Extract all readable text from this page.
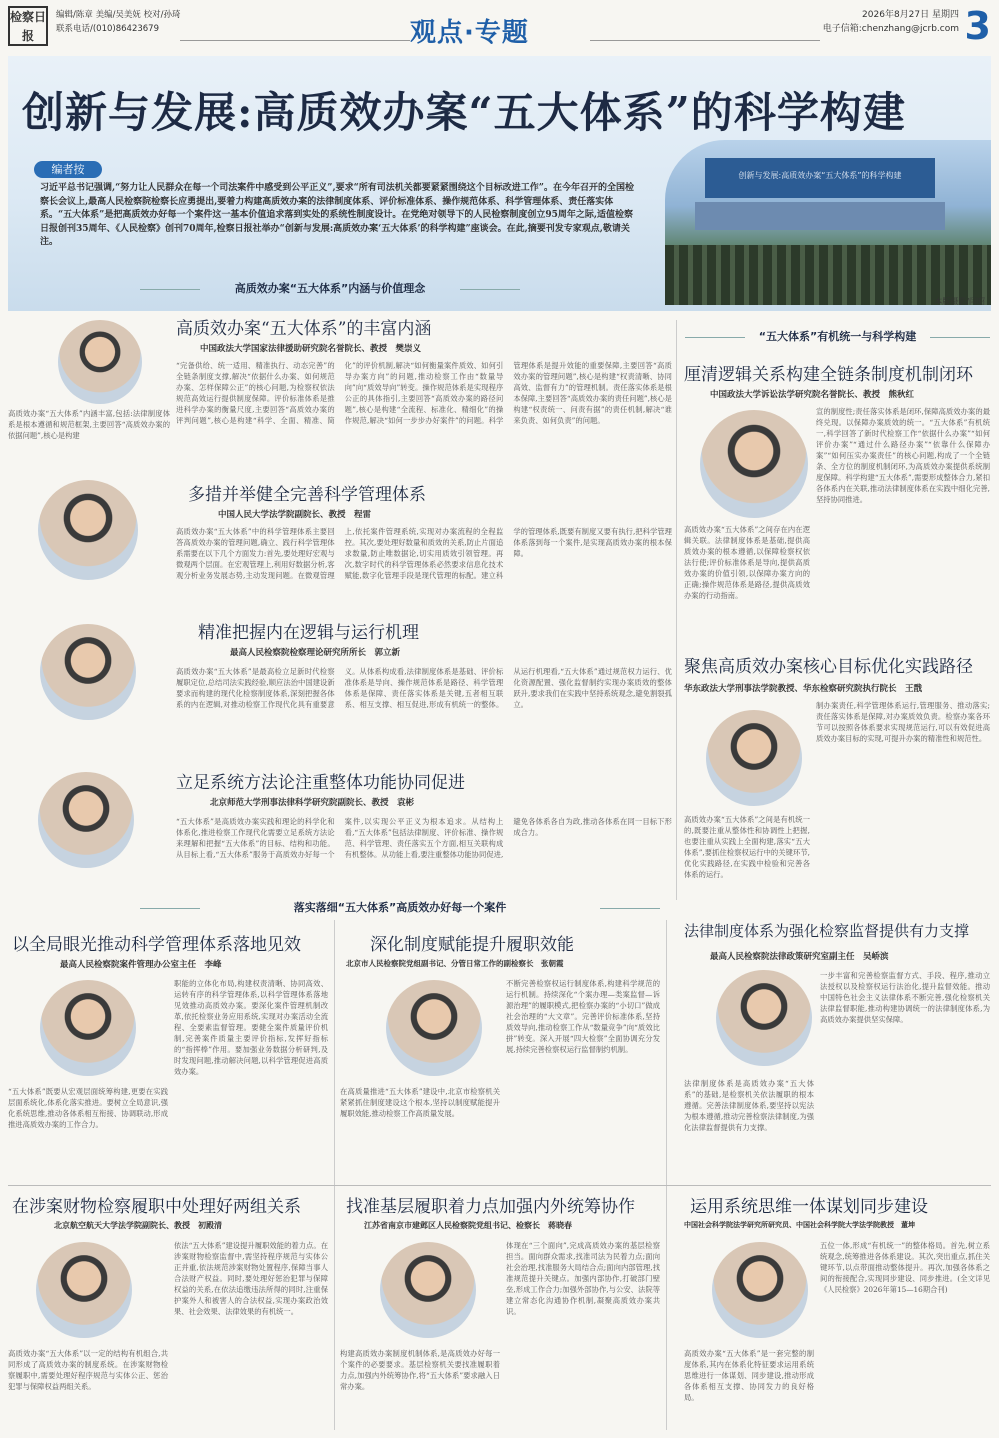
检察日报
编辑/陈章 美编/吴美妩 校对/孙琦
联系电话/(010)86423679	观点·专题
2026年8月27日 星期四
电子信箱:chenzhang@jcrb.com 3
创新与发展:高质效办案“五大体系”的科学构建
编者按
习近平总书记强调,“努力让人民群众在每一个司法案件中感受到公平正义”,要求“所有司法机关都要紧紧围绕这个目标改进工作”。在今年召开的全国检察长会议上,最高人民检察院检察长应勇提出,要着力构建高质效办案的法律制度体系、评价标准体系、操作规范体系、科学管理体系、责任落实体系。“五大体系”是把高质效办好每一个案件这一基本价值追求落到实处的系统性制度设计。在党绝对领导下的人民检察制度创立95周年之际,适值检察日报创刊35周年、《人民检察》创刊70周年,检察日报社举办“创新与发展:高质效办案‘五大体系’的科学构建”座谈会。在此,摘要刊发专家观点,敬请关注。
创新与发展:高质效办案“五大体系”的科学构建
本版摄影/闫昭
高质效办案“五大体系”内涵与价值理念
“五大体系”有机统一与科学构建
落实落细“五大体系”高质效办好每一个案件
高质效办案“五大体系”的丰富内涵
中国政法大学国家法律援助研究院名誉院长、教授　樊崇义
高质效办案“五大体系”内涵丰富,包括:法律制度体系是根本遵循和规范框架,主要回答“高质效办案的依据问题”,核心是构建
“完备供给、统一适用、精准执行、动态完善”的全链条制度支撑,解决“依据什么办案、如何规范办案、怎样保障公正”的核心问题,为检察权依法规范高效运行提供制度保障。评价标准体系是推进科学办案的衡量尺度,主要回答“高质效办案的评判问题”,核心是构建“科学、全面、精准、简化”的评价机制,解决“如何衡量案件质效、如何引导办案方向”的问题,推动检察工作由“数量导向”向“质效导向”转变。操作规范体系是实现程序公正的具体指引,主要回答“高质效办案的路径问题”,核心是构建“全流程、标准化、精细化”的操作规范,解决“如何一步步办好案件”的问题。科学管理体系是提升效能的重要保障,主要回答“高质效办案的管理问题”,核心是构建“权责清晰、协同高效、监督有力”的管理机制。责任落实体系是根本保障,主要回答“高质效办案的责任问题”,核心是构建“权责统一、问责有据”的责任机制,解决“谁来负责、如何负责”的问题。
多措并举健全完善科学管理体系
中国人民大学法学院副院长、教授　程雷
高质效办案“五大体系”中的科学管理体系主要回答高质效办案的管理问题,确立、践行科学管理体系需要在以下几个方面发力:首先,要处理好宏观与微观两个层面。在宏观管理上,利用好数据分析,客观分析业务发展态势,主动发现问题。在微观管理上,依托案件管理系统,实现对办案流程的全程监控。其次,要处理好数量和质效的关系,防止片面追求数量,防止唯数据论,切实用质效引领管理。再次,数字时代的科学管理体系必然要求信息化技术赋能,数字化管理手段是现代管理的标配。建立科学的管理体系,既要有制度又要有执行,把科学管理体系落到每一个案件,是实现高质效办案的根本保障。
精准把握内在逻辑与运行机理
最高人民检察院检察理论研究所所长　郭立新
高质效办案“五大体系”是最高检立足新时代检察履职定位,总结司法实践经验,顺应法治中国建设新要求而构建的现代化检察制度体系,深刻把握各体系的内在逻辑,对推动检察工作现代化具有重要意义。从体系构成看,法律制度体系是基础、评价标准体系是导向、操作规范体系是路径、科学管理体系是保障、责任落实体系是关键,五者相互联系、相互支撑、相互促进,形成有机统一的整体。从运行机理看,“五大体系”通过规范权力运行、优化资源配置、强化监督制约实现办案质效的整体跃升,要求我们在实践中坚持系统观念,避免割裂孤立。
立足系统方法论注重整体功能协同促进
北京师范大学刑事法律科学研究院副院长、教授　袁彬
“五大体系”是高质效办案实践和理论的科学化和体系化,推进检察工作现代化需要立足系统方法论来理解和把握“五大体系”的目标、结构和功能。从目标上看,“五大体系”服务于高质效办好每一个案件,以实现公平正义为根本追求。从结构上看,“五大体系”包括法律制度、评价标准、操作规范、科学管理、责任落实五个方面,相互关联构成有机整体。从功能上看,要注重整体功能协同促进,避免各体系各自为政,推动各体系在同一目标下形成合力。
厘清逻辑关系构建全链条制度机制闭环
中国政法大学诉讼法学研究院名誉院长、教授　熊秋红
宣的制度性;责任落实体系是闭环,保障高质效办案的最终兑现。以保障办案质效的统一。“五大体系”有机统一,科学回答了新时代检察工作“依据什么办案”“如何评价办案”“通过什么路径办案”“依靠什么保障办案”“如何压实办案责任”的核心问题,构成了一个全链条、全方位的制度机制闭环,为高质效办案提供系统制度保障。科学构建“五大体系”,需要形成整体合力,紧扣各体系内在关联,推动法律制度体系在实践中细化完善,坚持协同推进。
高质效办案“五大体系”之间存在内在逻辑关联。法律制度体系是基础,提供高质效办案的根本遵循,以保障检察权依法行使;评价标准体系是导向,提供高质效办案的价值引领,以保障办案方向的正确;操作规范体系是路径,提供高质效办案的行动指南。
聚焦高质效办案核心目标优化实践路径
华东政法大学刑事法学院教授、华东检察研究院执行院长　王戬
制办案责任,科学管理体系运行,管理服务、推动落实;责任落实体系是保障,对办案质效负责。检察办案各环节可以按照各体系要求实现规范运行,可以有效促进高质效办案目标的实现,可提升办案的精准性和规范性。
高质效办案“五大体系”之间是有机统一的,既要注重从整体性和协调性上把握,也要注重从实践上全面构建,落实“五大体系”,要抓住检察权运行中的关键环节,优化实践路径,在实践中检验和完善各体系的运行。
以全局眼光推动科学管理体系落地见效
最高人民检察院案件管理办公室主任　李峰
“五大体系”既要从宏观层面统筹构建,更要在实践层面系统化,体系化落实推进。要树立全局意识,强化系统思维,推动各体系相互衔接、协调联动,形成推进高质效办案的工作合力。
职能的立体化布局,构建权责清晰、协同高效、运转有序的科学管理体系,以科学管理体系落地见效推动高质效办案。要深化案件管理机制改革,依托检察业务应用系统,实现对办案活动全流程、全要素监督管理。要健全案件质量评价机制,完善案件质量主要评价指标,发挥好指标的“指挥棒”作用。要加强业务数据分析研判,及时发现问题,推动解决问题,以科学管理促进高质效办案。
深化制度赋能提升履职效能
北京市人民检察院党组副书记、分管日常工作的副检察长　张朝霞
在高质量推进“五大体系”建设中,北京市检察机关紧紧抓住制度建设这个根本,坚持以制度赋能提升履职效能,推动检察工作高质量发展。
不断完善检察权运行制度体系,构建科学规范的运行机制。持续深化“个案办理—类案监督—诉源治理”的履职模式,把检察办案的“小切口”做成社会治理的“大文章”。完善评价标准体系,坚持质效导向,推动检察工作从“数量竞争”向“质效比拼”转变。深入开展“四大检察”全面协调充分发展,持续完善检察权运行监督制约机制。
法律制度体系为强化检察监督提供有力支撑
最高人民检察院法律政策研究室副主任　吴峤滨
法律制度体系是高质效办案“五大体系”的基础,是检察机关依法履职的根本遵循。完善法律制度体系,要坚持以宪法为根本遵循,推动完善检察法律制度,为强化法律监督提供有力支撑。
一步丰富和完善检察监督方式、手段、程序,推动立法授权以及检察权运行法治化,提升监督效能。推动中国特色社会主义法律体系不断完善,强化检察机关法律监督职能,推动构建协调统一的法律制度体系,为高质效办案提供坚实保障。
在涉案财物检察履职中处理好两组关系
北京航空航天大学法学院副院长、教授　初殿清
高质效办案“五大体系”以一定的结构有机组合,共同形成了高质效办案的制度系统。在涉案财物检察履职中,需要处理好程序规范与实体公正、惩治犯罪与保障权益两组关系。
依法“五大体系”建设提升履职效能的着力点。在涉案财物检察监督中,需坚持程序规范与实体公正并重,依法规范涉案财物处置程序,保障当事人合法财产权益。同时,要处理好惩治犯罪与保障权益的关系,在依法追缴违法所得的同时,注重保护案外人和被害人的合法权益,实现办案政治效果、社会效果、法律效果的有机统一。
找准基层履职着力点加强内外统筹协作
江苏省南京市建邺区人民检察院党组书记、检察长　蒋晓春
构建高质效办案制度机制体系,是高质效办好每一个案件的必要要求。基层检察机关要找准履职着力点,加强内外统筹协作,将“五大体系”要求融入日常办案。
体现在“三个面向”,完成高质效办案的基层检察担当。面向群众需求,找准司法为民着力点;面向社会治理,找准服务大局结合点;面向内部管理,找准规范提升关键点。加强内部协作,打破部门壁垒,形成工作合力;加强外部协作,与公安、法院等建立常态化沟通协作机制,凝聚高质效办案共识。
运用系统思维一体谋划同步建设
中国社会科学院法学研究所研究员、中国社会科学院大学法学院教授　董坤
高质效办案“五大体系”是一套完整的制度体系,其内在体系化特征要求运用系统思维进行一体谋划、同步建设,推动形成各体系相互支撑、协同发力的良好格局。
五位一体,形成“有机统一”的整体格局。首先,树立系统观念,统筹推进各体系建设。其次,突出重点,抓住关键环节,以点带面推动整体提升。再次,加强各体系之间的衔接配合,实现同步建设、同步推进。(全文详见《人民检察》2026年第15—16期合刊)
